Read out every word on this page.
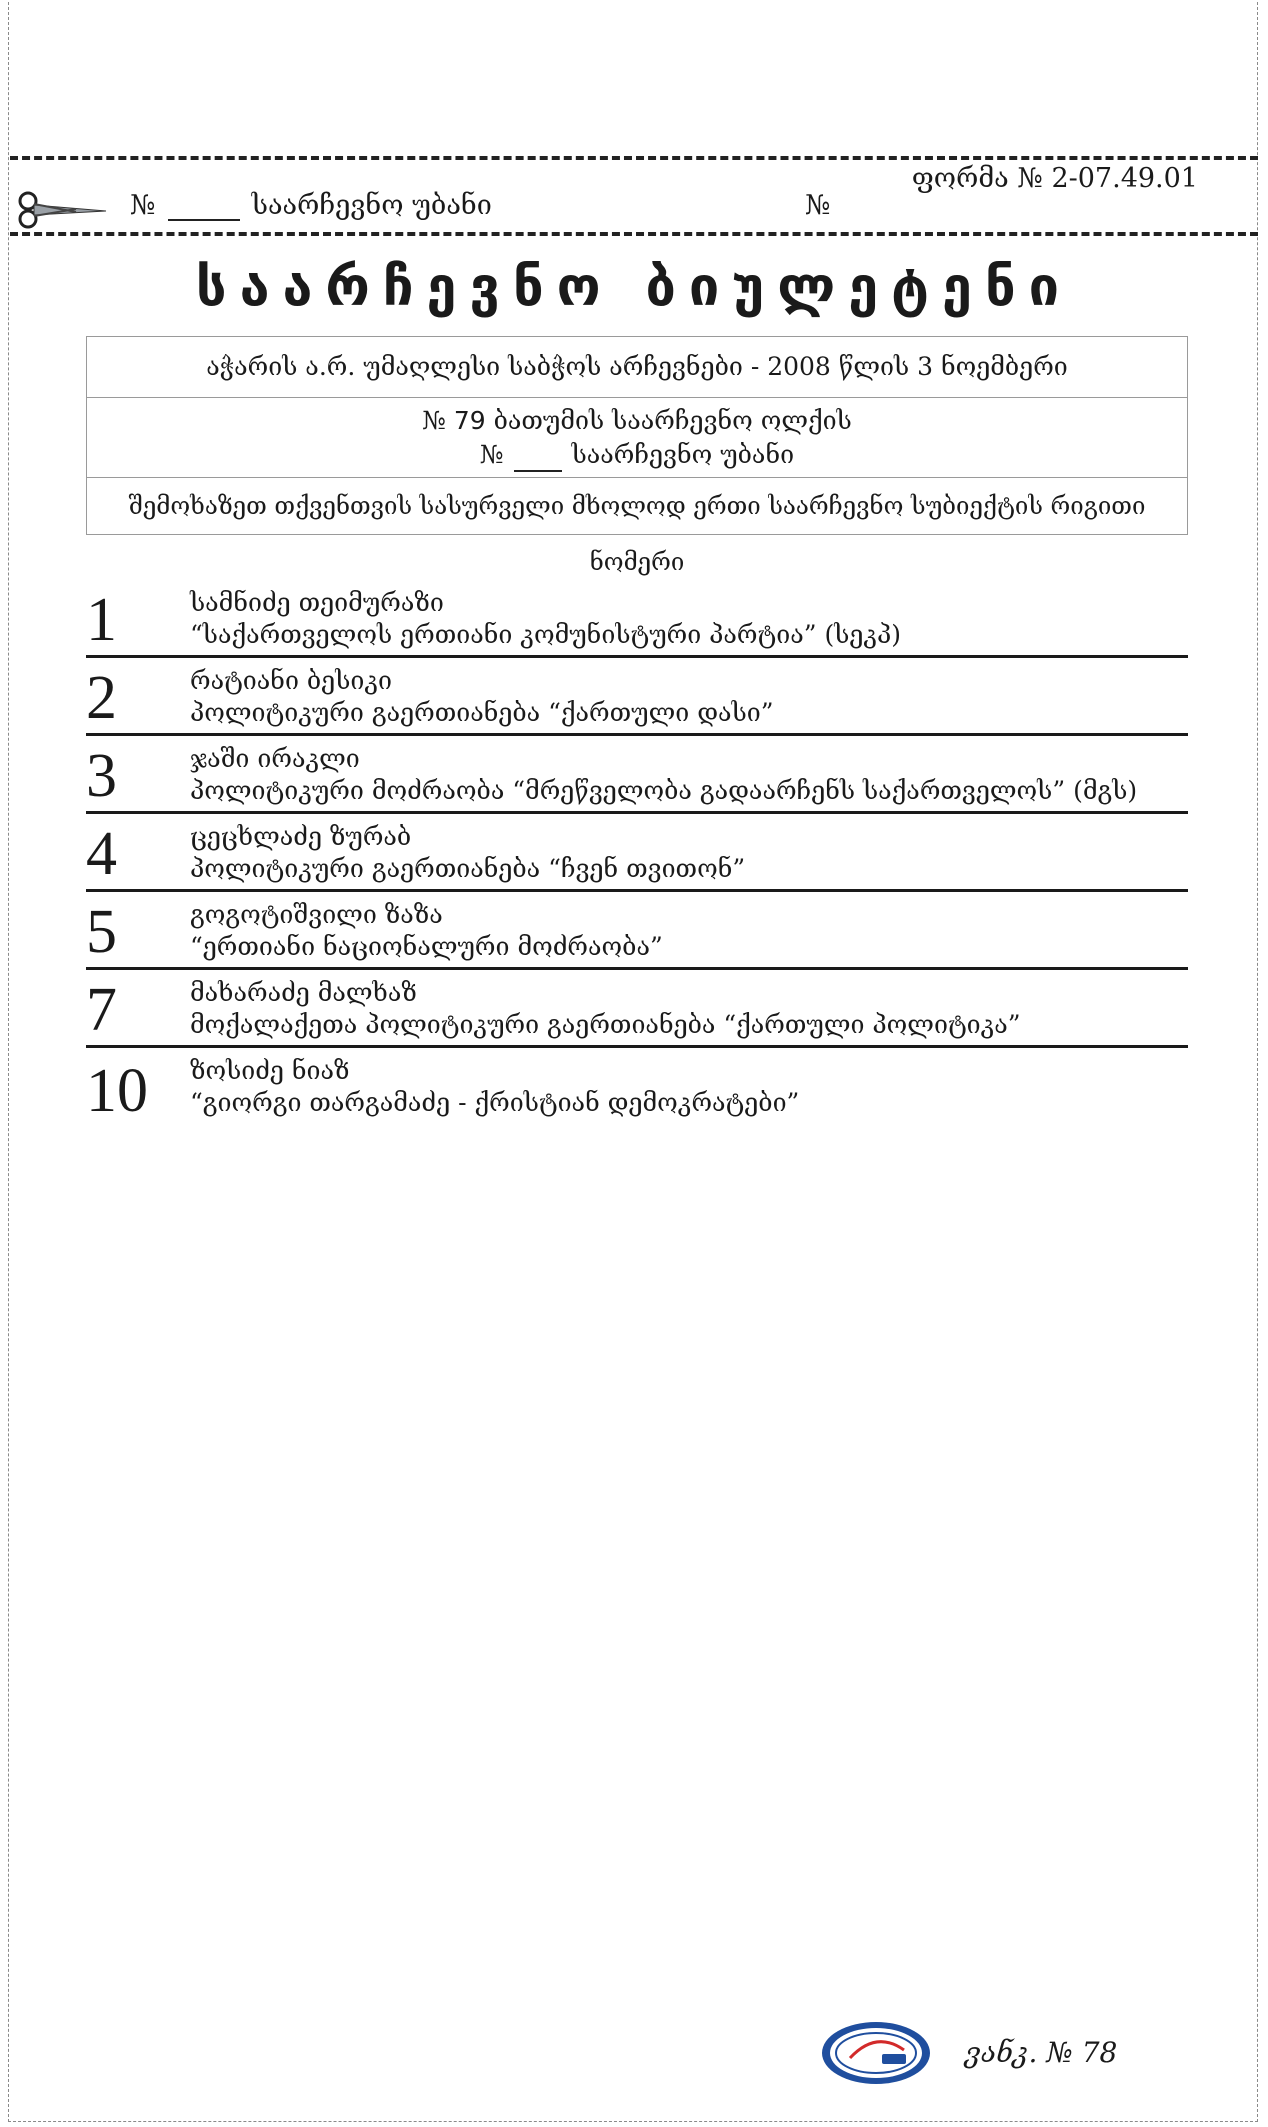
№	საარჩევნო უბანი	№
ფორმა № 2-07.49.01
საარჩევნო ბიულეტენი
აჭარის ა.რ. უმაღლესი საბჭოს არჩევნები - 2008 წლის 3 ნოემბერი
№ 79 ბათუმის საარჩევნო ოლქის
№	საარჩევნო უბანი
შემოხაზეთ თქვენთვის სასურველი მხოლოდ ერთი საარჩევნო სუბიექტის რიგითი ნომერი
1	სამნიძე თეიმურაზი
“საქართველოს ერთიანი კომუნისტური პარტია” (სეკპ)
2	რატიანი ბესიკი
პოლიტიკური გაერთიანება “ქართული დასი”
3	ჯაში ირაკლი
პოლიტიკური მოძრაობა “მრეწველობა გადაარჩენს საქართველოს” (მგს)
4	ცეცხლაძე ზურაბ
პოლიტიკური გაერთიანება “ჩვენ თვითონ”
5	გოგოტიშვილი ზაზა
“ერთიანი ნაციონალური მოძრაობა”
7	მახარაძე მალხაზ
მოქალაქეთა პოლიტიკური გაერთიანება “ქართული პოლიტიკა”
10 ზოსიძე ნიაზ
“გიორგი თარგამაძე - ქრისტიან დემოკრატები”
ვანკ. № 78
